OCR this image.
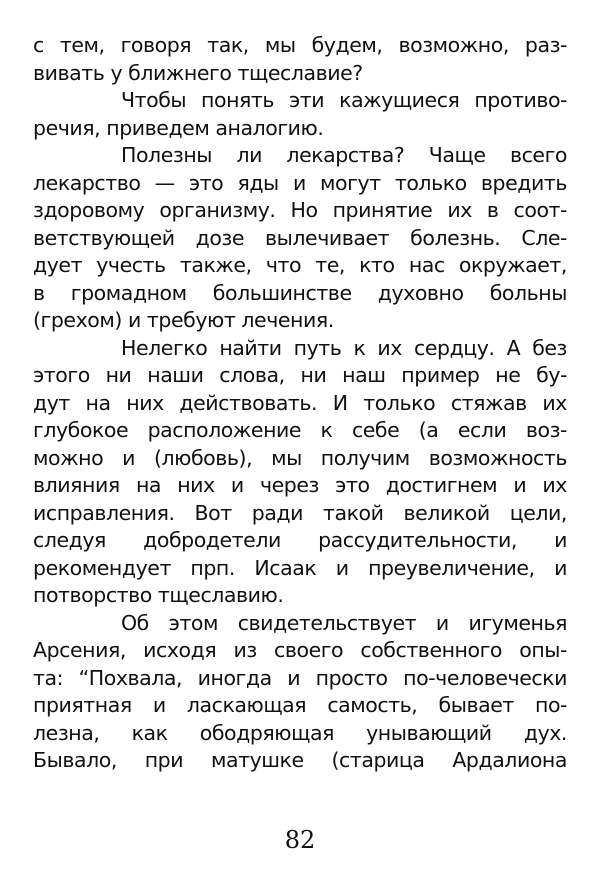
с тем, говоря так, мы будем, возможно, раз-
вивать у ближнего тщеславие?
Чтобы понять эти кажущиеся противо-
речия, приведем аналогию.
Полезны ли лекарства? Чаще всего
лекарство — это яды и могут только вредить
здоровому организму. Но принятие их в соот-
ветствующей дозе вылечивает болезнь. Сле-
дует учесть также, что те, кто нас окружает,
в громадном большинстве духовно больны
(грехом) и требуют лечения.
Нелегко найти путь к их сердцу. А без
этого ни наши слова, ни наш пример не бу-
дут на них действовать. И только стяжав их
глубокое расположение к себе (а если воз-
можно и (любовь), мы получим возможность
влияния на них и через это достигнем и их
исправления. Вот ради такой великой цели,
следуя добродетели рассудительности, и
рекомендует прп. Исаак и преувеличение, и
потворство тщеславию.
Об этом свидетельствует и игуменья
Арсения, исходя из своего собственного опы-
та: “Похвала, иногда и просто по-человечески
приятная и ласкающая самость, бывает по-
лезна, как ободряющая унывающий дух.
Бывало, при матушке (старица Ардалиона
82
